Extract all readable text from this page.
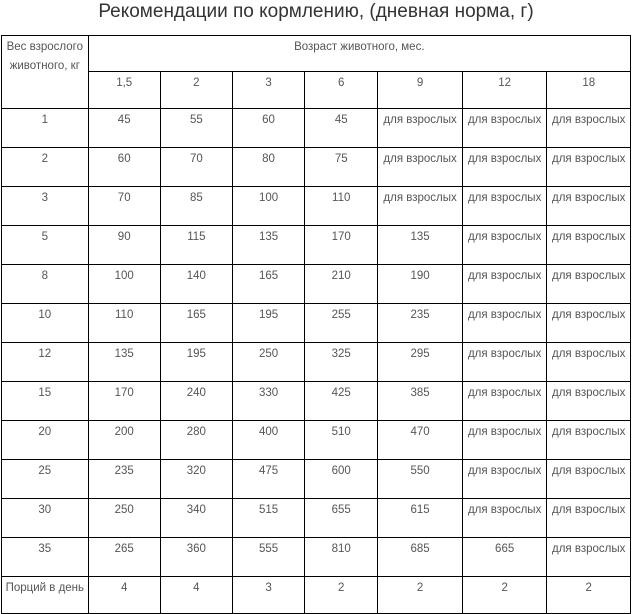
Рекомендации по кормлению, (дневная норма, г)
Вес взрослого животного, кг	Возраст животного, мес.						
	1,5	2	3	6	9	12	18
1	45	55	60	45	для взрослых	для взрослых	для взрослых
2	60	70	80	75	для взрослых	для взрослых	для взрослых
3	70	85	100	110	для взрослых	для взрослых	для взрослых
5	90	115	135	170	135	для взрослых	для взрослых
8	100	140	165	210	190	для взрослых	для взрослых
10	110	165	195	255	235	для взрослых	для взрослых
12	135	195	250	325	295	для взрослых	для взрослых
15	170	240	330	425	385	для взрослых	для взрослых
20	200	280	400	510	470	для взрослых	для взрослых
25	235	320	475	600	550	для взрослых	для взрослых
30	250	340	515	655	615	для взрослых	для взрослых
35	265	360	555	810	685	665	для взрослых
Порций в день	4	4	3	2	2	2	2
